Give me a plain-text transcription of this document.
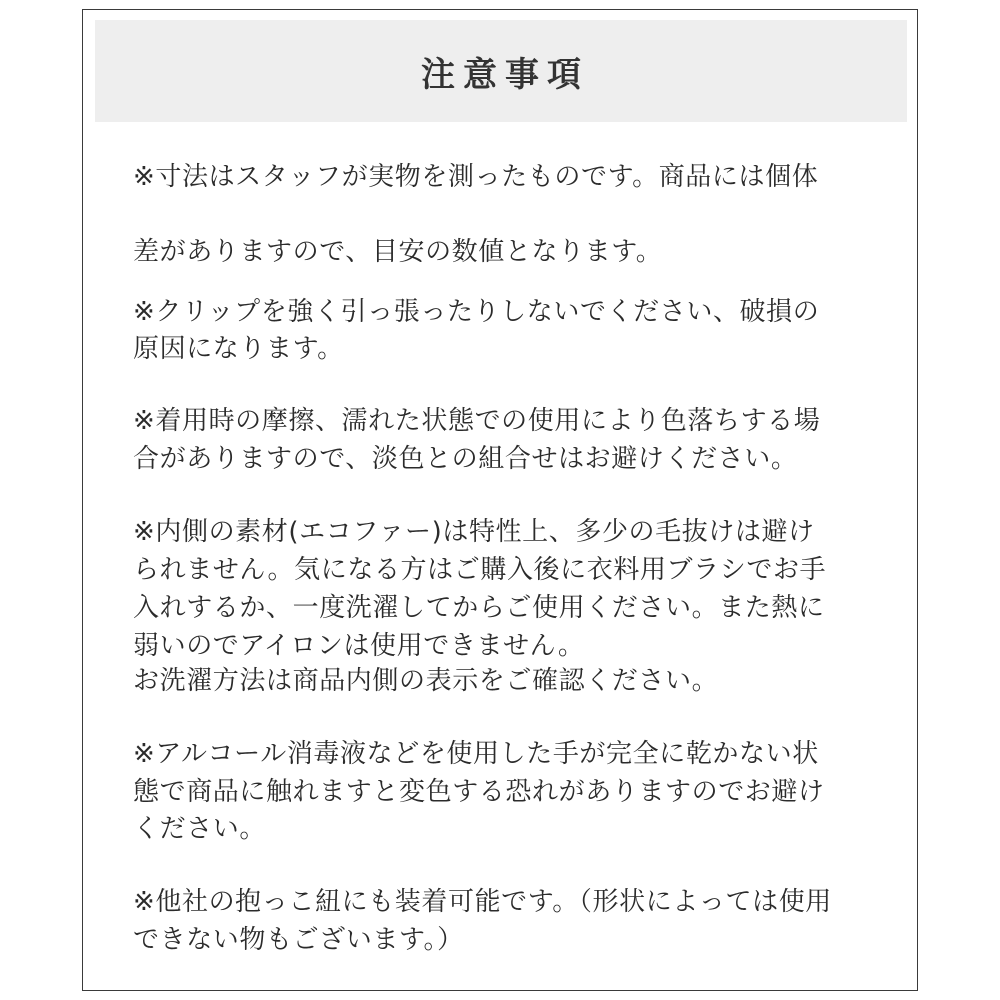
注意事項
※寸法はスタッフが実物を測ったものです。商品には個体
差がありますので、目安の数値となります。
※クリップを強く引っ張ったりしないでください、破損の
原因になります。
※着用時の摩擦、濡れた状態での使用により色落ちする場
合がありますので、淡色との組合せはお避けください。
※内側の素材(エコファー)は特性上、多少の毛抜けは避け
られません。気になる方はご購入後に衣料用ブラシでお手
入れするか、一度洗濯してからご使用ください。また熱に
弱いのでアイロンは使用できません。
お洗濯方法は商品内側の表示をご確認ください。
※アルコール消毒液などを使用した手が完全に乾かない状
態で商品に触れますと変色する恐れがありますのでお避け
ください。
※他社の抱っこ紐にも装着可能です。（形状によっては使用
できない物もございます。）
